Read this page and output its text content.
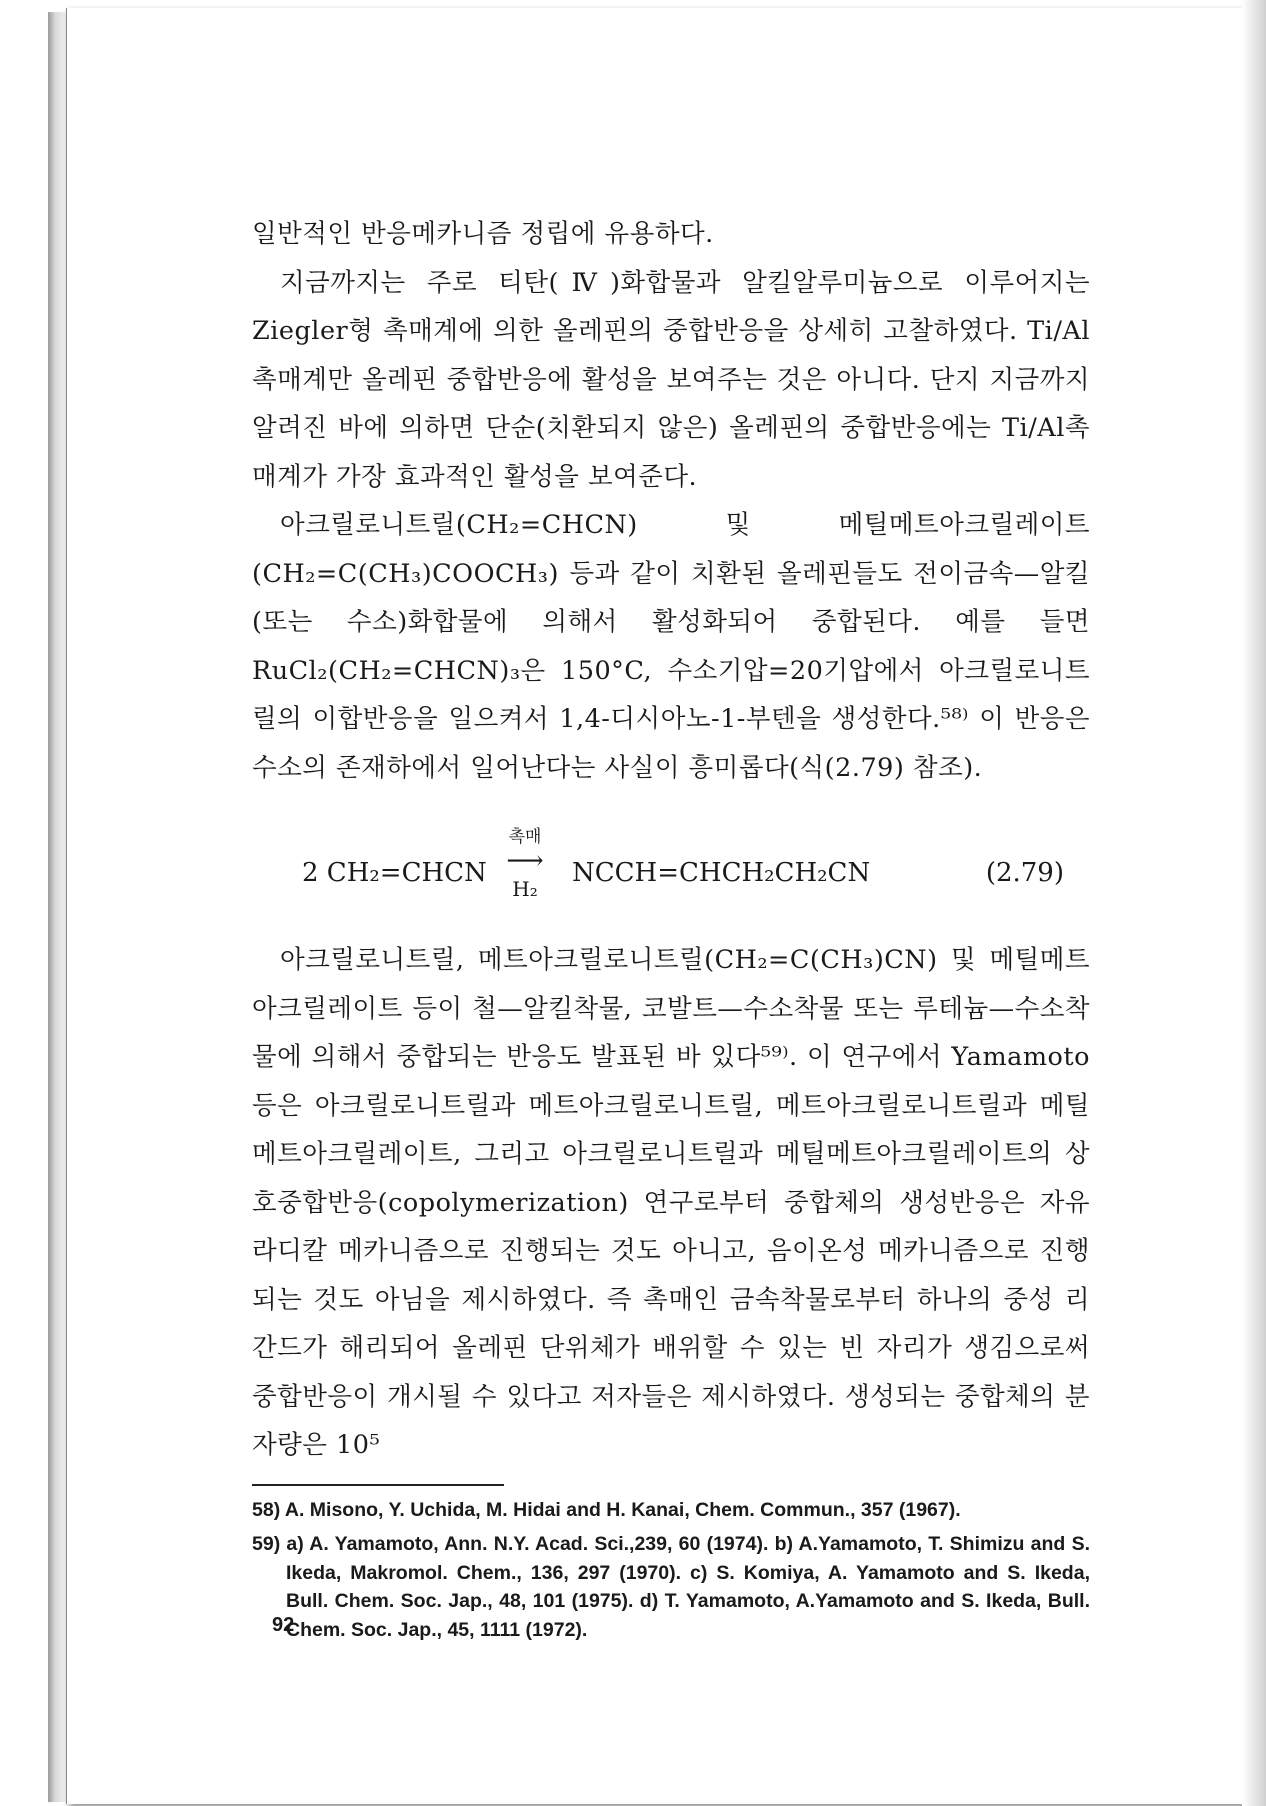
일반적인 반응메카니즘 정립에 유용하다.

지금까지는 주로 티탄(Ⅳ)화합물과 알킬알루미늄으로 이루어지는 Ziegler형 촉매계에 의한 올레핀의 중합반응을 상세히 고찰하였다. Ti/Al촉매계만 올레핀 중합반응에 활성을 보여주는 것은 아니다. 단지 지금까지 알려진 바에 의하면 단순(치환되지 않은) 올레핀의 중합반응에는 Ti/Al촉매계가 가장 효과적인 활성을 보여준다.

아크릴로니트릴(CH₂=CHCN) 및 메틸메트아크릴레이트(CH₂=C(CH₃)COOCH₃) 등과 같이 치환된 올레핀들도 전이금속—알킬(또는 수소)화합물에 의해서 활성화되어 중합된다. 예를 들면 RuCl₂(CH₂=CHCN)₃은 150°C, 수소기압=20기압에서 아크릴로니트릴의 이합반응을 일으켜서 1,4-디시아노-1-부텐을 생성한다.⁵⁸⁾ 이 반응은 수소의 존재하에서 일어난다는 사실이 흥미롭다(식(2.79) 참조).

2 CH₂=CHCN
촉매
⟶
H₂
NCCH=CHCH₂CH₂CN	(2.79)

아크릴로니트릴, 메트아크릴로니트릴(CH₂=C(CH₃)CN) 및 메틸메트아크릴레이트 등이 철—알킬착물, 코발트—수소착물 또는 루테늄—수소착물에 의해서 중합되는 반응도 발표된 바 있다⁵⁹⁾. 이 연구에서 Yamamoto등은 아크릴로니트릴과 메트아크릴로니트릴, 메트아크릴로니트릴과 메틸메트아크릴레이트, 그리고 아크릴로니트릴과 메틸메트아크릴레이트의 상호중합반응(copolymerization) 연구로부터 중합체의 생성반응은 자유라디칼 메카니즘으로 진행되는 것도 아니고, 음이온성 메카니즘으로 진행되는 것도 아님을 제시하였다. 즉 촉매인 금속착물로부터 하나의 중성 리간드가 해리되어 올레핀 단위체가 배위할 수 있는 빈 자리가 생김으로써 중합반응이 개시될 수 있다고 저자들은 제시하였다. 생성되는 중합체의 분자량은 10⁵

58) A. Misono, Y. Uchida, M. Hidai and H. Kanai, Chem. Commun., 357 (1967).

59) a) A. Yamamoto, Ann. N.Y. Acad. Sci.,239, 60 (1974). b) A.Yamamoto, T. Shimizu and S. Ikeda, Makromol. Chem., 136, 297 (1970). c) S. Komiya, A. Yamamoto and S. Ikeda, Bull. Chem. Soc. Jap., 48, 101 (1975). d) T. Yamamoto, A.Yamamoto and S. Ikeda, Bull. Chem. Soc. Jap., 45, 1111 (1972).

92
